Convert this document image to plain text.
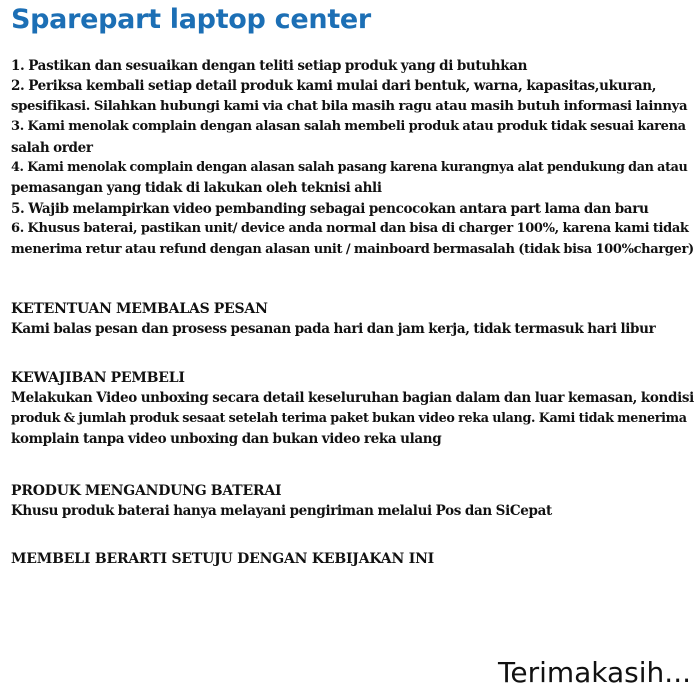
Sparepart laptop center
1. Pastikan dan sesuaikan dengan teliti setiap produk yang di butuhkan
2. Periksa kembali setiap detail produk kami mulai dari bentuk, warna, kapasitas,ukuran,
spesifikasi. Silahkan hubungi kami via chat bila masih ragu atau masih butuh informasi lainnya
3. Kami menolak complain dengan alasan salah membeli produk atau produk tidak sesuai karena
salah order
4. Kami menolak complain dengan alasan salah pasang karena kurangnya alat pendukung dan atau
pemasangan yang tidak di lakukan oleh teknisi ahli
5. Wajib melampirkan video pembanding sebagai pencocokan antara part lama dan baru
6. Khusus baterai, pastikan unit/ device anda normal dan bisa di charger 100%, karena kami tidak
menerima retur atau refund dengan alasan unit / mainboard bermasalah (tidak bisa 100%charger)
KETENTUAN MEMBALAS PESAN
Kami balas pesan dan prosess pesanan pada hari dan jam kerja, tidak termasuk hari libur
KEWAJIBAN PEMBELI
Melakukan Video unboxing secara detail keseluruhan bagian dalam dan luar kemasan, kondisi
produk & jumlah produk sesaat setelah terima paket bukan video reka ulang. Kami tidak menerima
komplain tanpa video unboxing dan bukan video reka ulang
PRODUK MENGANDUNG BATERAI
Khusu produk baterai hanya melayani pengiriman melalui Pos dan SiCepat
MEMBELI BERARTI SETUJU DENGAN KEBIJAKAN INI
Terimakasih...
